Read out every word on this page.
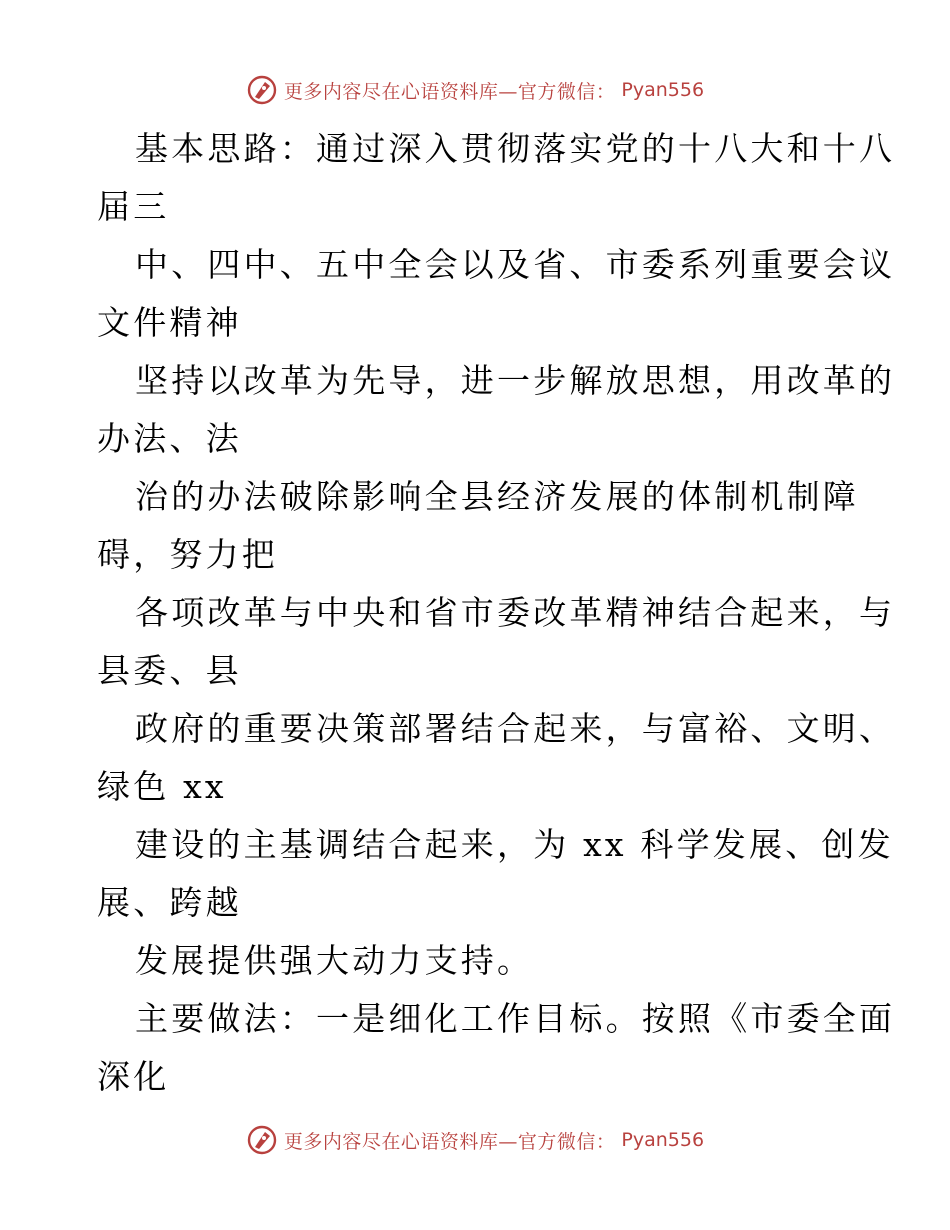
更多内容尽在心语资料库—官方微信： Pyan556
基本思路：通过深入贯彻落实党的十八大和十八
届三
中、四中、五中全会以及省、市委系列重要会议
文件精神
坚持以改革为先导，进一步解放思想，用改革的
办法、法
治的办法破除影响全县经济发展的体制机制障
碍，努力把
各项改革与中央和省市委改革精神结合起来，与
县委、县
政府的重要决策部署结合起来，与富裕、文明、
绿色 xx
建设的主基调结合起来，为 xx 科学发展、创发
展、跨越
发展提供强大动力支持。
主要做法：一是细化工作目标。按照《市委全面
深化
更多内容尽在心语资料库—官方微信： Pyan556
